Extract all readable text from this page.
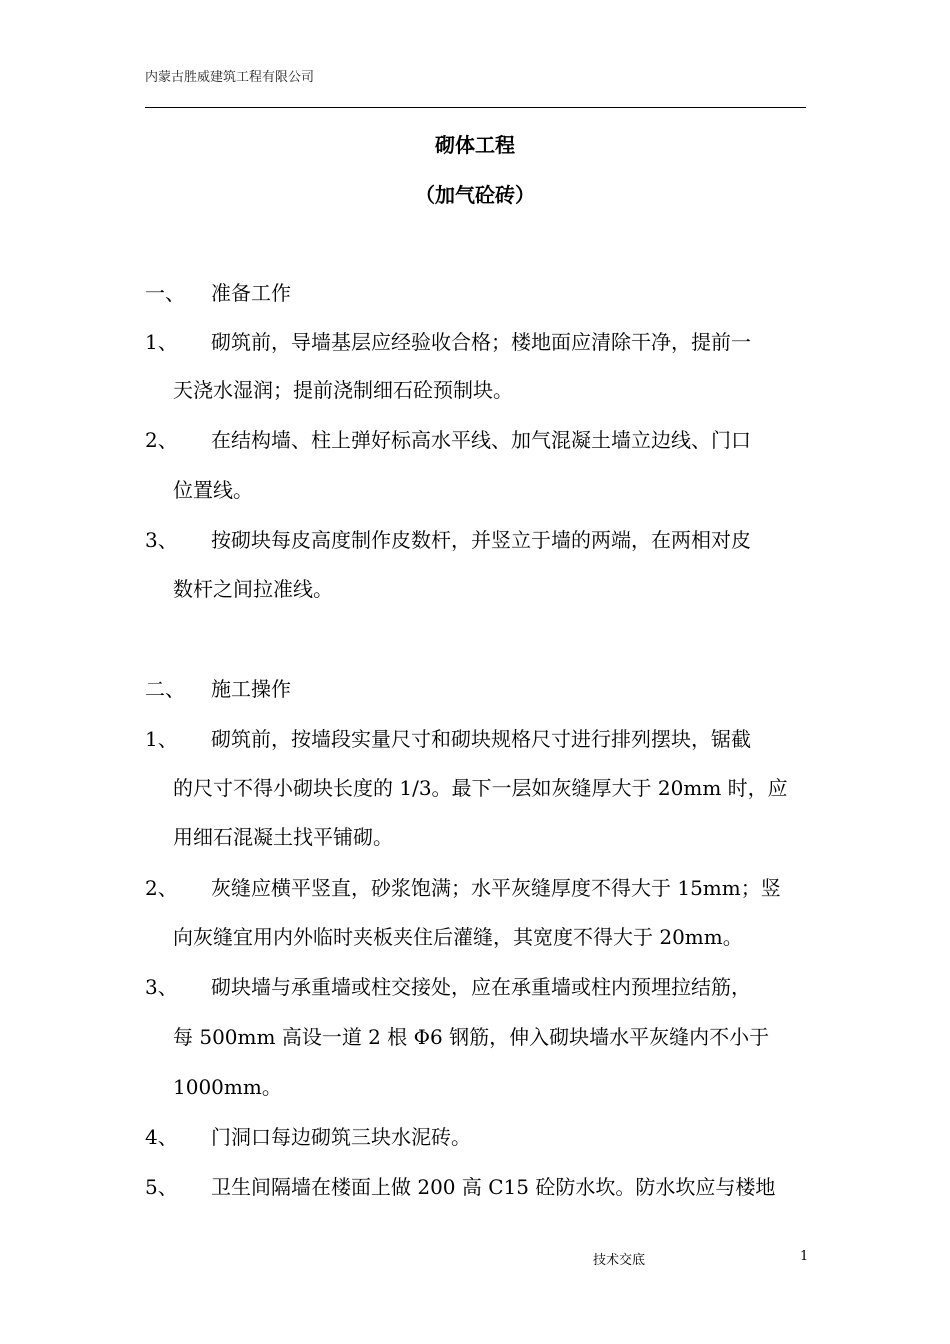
内蒙古胜威建筑工程有限公司
砌体工程
（加气砼砖）
一、 准备工作
1、 砌筑前，导墙基层应经验收合格；楼地面应清除干净，提前一
天浇水湿润；提前浇制细石砼预制块。
2、 在结构墙、柱上弹好标高水平线、加气混凝土墙立边线、门口
位置线。
3、 按砌块每皮高度制作皮数杆，并竖立于墙的两端，在两相对皮
数杆之间拉准线。
二、 施工操作
1、 砌筑前，按墙段实量尺寸和砌块规格尺寸进行排列摆块，锯截
的尺寸不得小砌块长度的 1/3。最下一层如灰缝厚大于 20mm 时，应
用细石混凝土找平铺砌。
2、 灰缝应横平竖直，砂浆饱满；水平灰缝厚度不得大于 15mm；竖
向灰缝宜用内外临时夹板夹住后灌缝，其宽度不得大于 20mm。
3、 砌块墙与承重墙或柱交接处，应在承重墙或柱内预埋拉结筋，
每 500mm 高设一道 2 根 Φ6 钢筋，伸入砌块墙水平灰缝内不小于
1000mm。
4、 门洞口每边砌筑三块水泥砖。
5、 卫生间隔墙在楼面上做 200 高 C15 砼防水坎。防水坎应与楼地
技术交底	1
